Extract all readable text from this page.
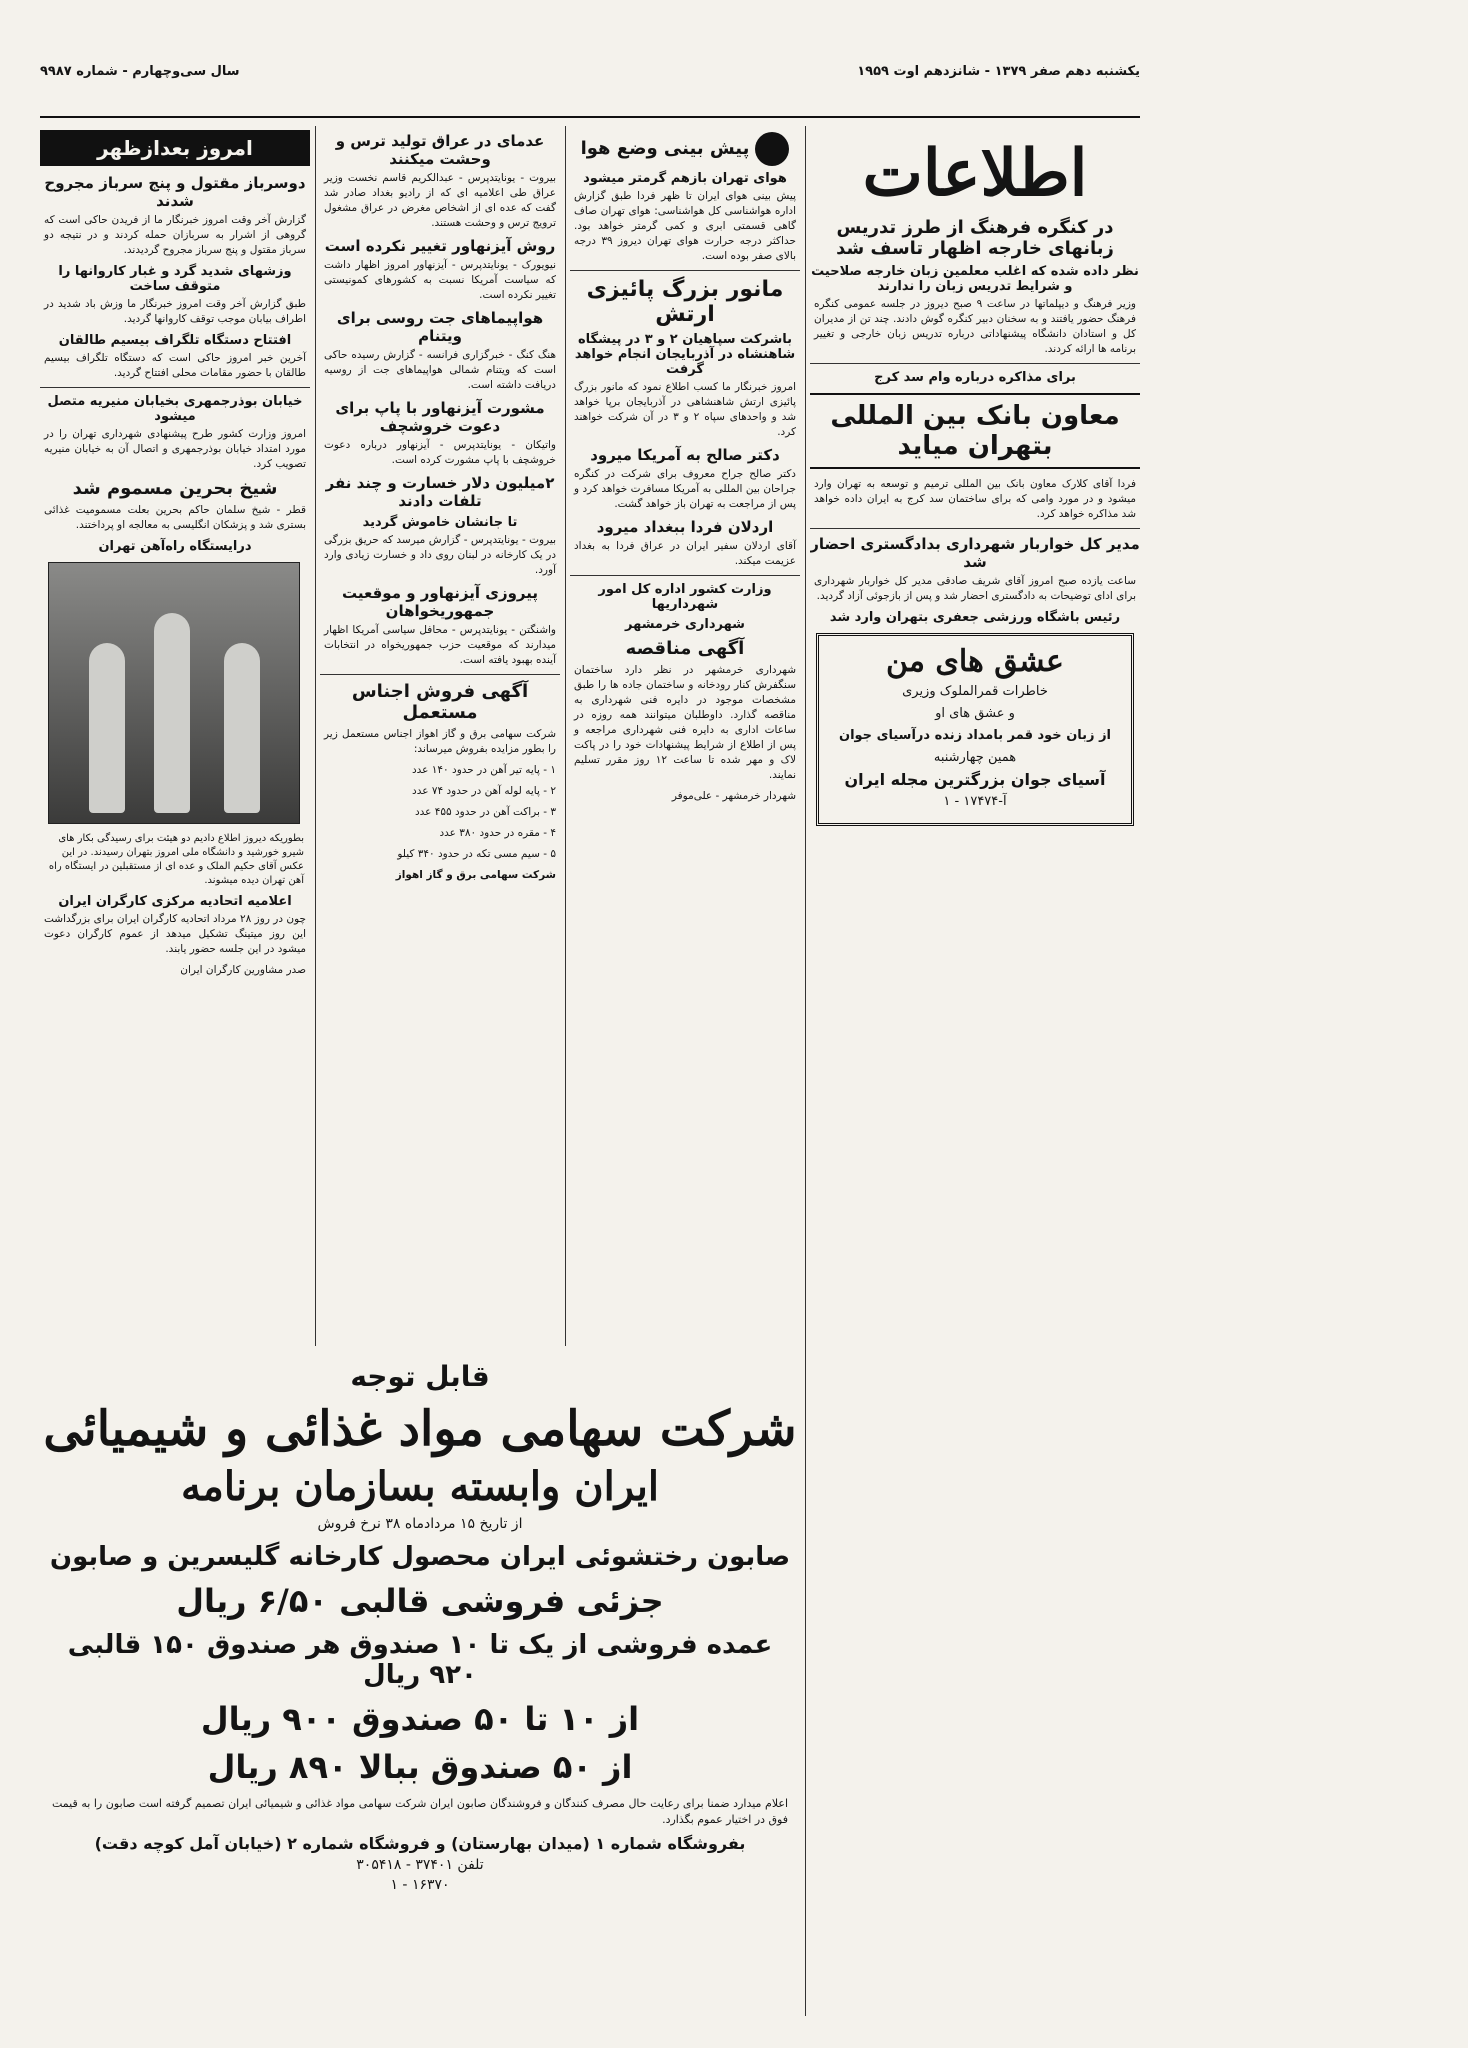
یکشنبه دهم صفر ۱۳۷۹ - شانزدهم اوت ۱۹۵۹
سال سی‌وچهارم - شماره ۹۹۸۷
اطلاعات
در کنگره فرهنگ از طرز تدریس زبانهای خارجه اظهار تاسف شد
نظر داده شده که اغلب معلمین زبان خارجه صلاحیت و شرایط تدریس زبان را ندارند
وزیر فرهنگ و دیپلماتها در ساعت ۹ صبح دیروز در جلسه عمومی کنگره فرهنگ حضور یافتند و به سخنان دبیر کنگره گوش دادند. چند تن از مدیران کل و استادان دانشگاه پیشنهاداتی درباره تدریس زبان خارجی و تغییر برنامه ها ارائه کردند.
برای مذاکره درباره وام سد کرج
معاون بانک بین المللی بتهران میاید
فردا آقای کلارک معاون بانک بین المللی ترمیم و توسعه به تهران وارد میشود و در مورد وامی که برای ساختمان سد کرج به ایران داده خواهد شد مذاکره خواهد کرد.
مدیر کل خواربار شهرداری بدادگستری احضار شد
ساعت یازده صبح امروز آقای شریف صادقی مدیر کل خواربار شهرداری برای ادای توضیحات به دادگستری احضار شد و پس از بازجوئی آزاد گردید.
رئیس باشگاه ورزشی جعفری بتهران وارد شد
عشق های من
خاطرات قمرالملوک وزیری
و عشق های او
از زبان خود قمر بامداد زنده درآسیای جوان
همین چهارشنبه
آسیای جوان بزرگترین مجله ایران
آ-۱۷۴۷۴ - ۱
پیش بینی وضع هوا
هوای تهران بازهم گرمتر میشود
پیش بینی هوای ایران تا ظهر فردا طبق گزارش اداره هواشناسی کل هواشناسی: هوای تهران صاف گاهی قسمتی ابری و کمی گرمتر خواهد بود. حداکثر درجه حرارت هوای تهران دیروز ۳۹ درجه بالای صفر بوده است.
مانور بزرگ پائیزی ارتش
باشرکت سپاهیان ۲ و ۳ در پیشگاه شاهنشاه در آذربایجان انجام خواهد گرفت
امروز خبرنگار ما کسب اطلاع نمود که مانور بزرگ پائیزی ارتش شاهنشاهی در آذربایجان برپا خواهد شد و واحدهای سپاه ۲ و ۳ در آن شرکت خواهند کرد.
دکتر صالح به آمریکا میرود
دکتر صالح جراح معروف برای شرکت در کنگره جراحان بین المللی به آمریکا مسافرت خواهد کرد و پس از مراجعت به تهران باز خواهد گشت.
اردلان فردا ببغداد میرود
آقای اردلان سفیر ایران در عراق فردا به بغداد عزیمت میکند.
وزارت کشور اداره کل امور شهرداریها
شهرداری خرمشهر
آگهی مناقصه
شهرداری خرمشهر در نظر دارد ساختمان سنگفرش کنار رودخانه و ساختمان جاده ها را طبق مشخصات موجود در دایره فنی شهرداری به مناقصه گذارد. داوطلبان میتوانند همه روزه در ساعات اداری به دایره فنی شهرداری مراجعه و پس از اطلاع از شرایط پیشنهادات خود را در پاکت لاک و مهر شده تا ساعت ۱۲ روز مقرر تسلیم نمایند.
شهردار خرمشهر - علی‌موفر
عدمای در عراق تولید ترس و وحشت میکنند
بیروت - یونایتدپرس - عبدالکریم قاسم نخست وزیر عراق طی اعلامیه ای که از رادیو بغداد صادر شد گفت که عده ای از اشخاص مغرض در عراق مشغول ترویج ترس و وحشت هستند.
روش آیزنهاور تغییر نکرده است
نیویورک - یونایتدپرس - آیزنهاور امروز اظهار داشت که سیاست آمریکا نسبت به کشورهای کمونیستی تغییر نکرده است.
هواپیماهای جت روسی برای ویتنام
هنگ کنگ - خبرگزاری فرانسه - گزارش رسیده حاکی است که ویتنام شمالی هواپیماهای جت از روسیه دریافت داشته است.
مشورت آیزنهاور با پاپ برای دعوت خروشچف
واتیکان - یونایتدپرس - آیزنهاور درباره دعوت خروشچف با پاپ مشورت کرده است.
۲میلیون دلار خسارت و چند نفر تلفات دادند
تا جانشان خاموش گردید
بیروت - یونایتدپرس - گزارش میرسد که حریق بزرگی در یک کارخانه در لبنان روی داد و خسارت زیادی وارد آورد.
پیروزی آیزنهاور و موقعیت جمهوریخواهان
واشنگتن - یونایتدپرس - محافل سیاسی آمریکا اظهار میدارند که موقعیت حزب جمهوریخواه در انتخابات آینده بهبود یافته است.
آگهی فروش اجناس مستعمل
شرکت سهامی برق و گاز اهواز اجناس مستعمل زیر را بطور مزایده بفروش میرساند:
۱ - پایه تیر آهن در حدود ۱۴۰ عدد
۲ - پایه لوله آهن در حدود ۷۴ عدد
۳ - براکت آهن در حدود ۴۵۵ عدد
۴ - مقره در حدود ۳۸۰ عدد
۵ - سیم مسی تکه در حدود ۳۴۰ کیلو
شرکت سهامی برق و گاز اهواز
امروز بعدازظهر
دوسرباز مقتول و پنج سرباز مجروح شدند
گزارش آخر وقت امروز خبرنگار ما از فریدن حاکی است که گروهی از اشرار به سربازان حمله کردند و در نتیجه دو سرباز مقتول و پنج سرباز مجروح گردیدند.
وزشهای شدید گرد و غبار کاروانها را متوقف ساخت
طبق گزارش آخر وقت امروز خبرنگار ما وزش باد شدید در اطراف بیابان موجب توقف کاروانها گردید.
افتتاح دستگاه تلگراف بیسیم طالقان
آخرین خبر امروز حاکی است که دستگاه تلگراف بیسیم طالقان با حضور مقامات محلی افتتاح گردید.
خیابان بوذرجمهری بخیابان منیریه متصل میشود
امروز وزارت کشور طرح پیشنهادی شهرداری تهران را در مورد امتداد خیابان بوذرجمهری و اتصال آن به خیابان منیریه تصویب کرد.
شیخ بحرین مسموم شد
قطر - شیخ سلمان حاکم بحرین بعلت مسمومیت غذائی بستری شد و پزشکان انگلیسی به معالجه او پرداختند.
درایستگاه راه‌آهن تهران
بطوریکه دیروز اطلاع دادیم دو هیئت برای رسیدگی بکار های شیرو خورشید و دانشگاه ملی امروز بتهران رسیدند. در این عکس آقای حکیم الملک و عده ای از مستقبلین در ایستگاه راه آهن تهران دیده میشوند.
اعلامیه اتحادیه مرکزی کارگران ایران
چون در روز ۲۸ مرداد اتحادیه کارگران ایران برای بزرگداشت این روز میتینگ تشکیل میدهد از عموم کارگران دعوت میشود در این جلسه حضور یابند.
صدر مشاورین کارگران ایران
قابل توجه
شرکت سهامی مواد غذائی و شیمیائی
ایران وابسته بسازمان برنامه
از تاریخ ۱۵ مردادماه ۳۸ نرخ فروش
صابون رختشوئی ایران محصول کارخانه گلیسرین و صابون
جزئی فروشی قالبی ۶/۵۰ ریال
عمده فروشی از یک تا ۱۰ صندوق هر صندوق ۱۵۰ قالبی ۹۲۰ ریال
از ۱۰ تا ۵۰ صندوق ۹۰۰ ریال
از ۵۰ صندوق ببالا ۸۹۰ ریال
اعلام میدارد ضمنا برای رعایت حال مصرف کنندگان و فروشندگان صابون ایران شرکت سهامی مواد غذائی و شیمیائی ایران تصمیم گرفته است صابون را به قیمت فوق در اختیار عموم بگذارد.
بفروشگاه شماره ۱ (میدان بهارستان) و فروشگاه شماره ۲ (خیابان آمل کوچه دقت)
تلفن ۳۷۴۰۱ - ۳۰۵۴۱۸
۱۶۳۷۰ - ۱
